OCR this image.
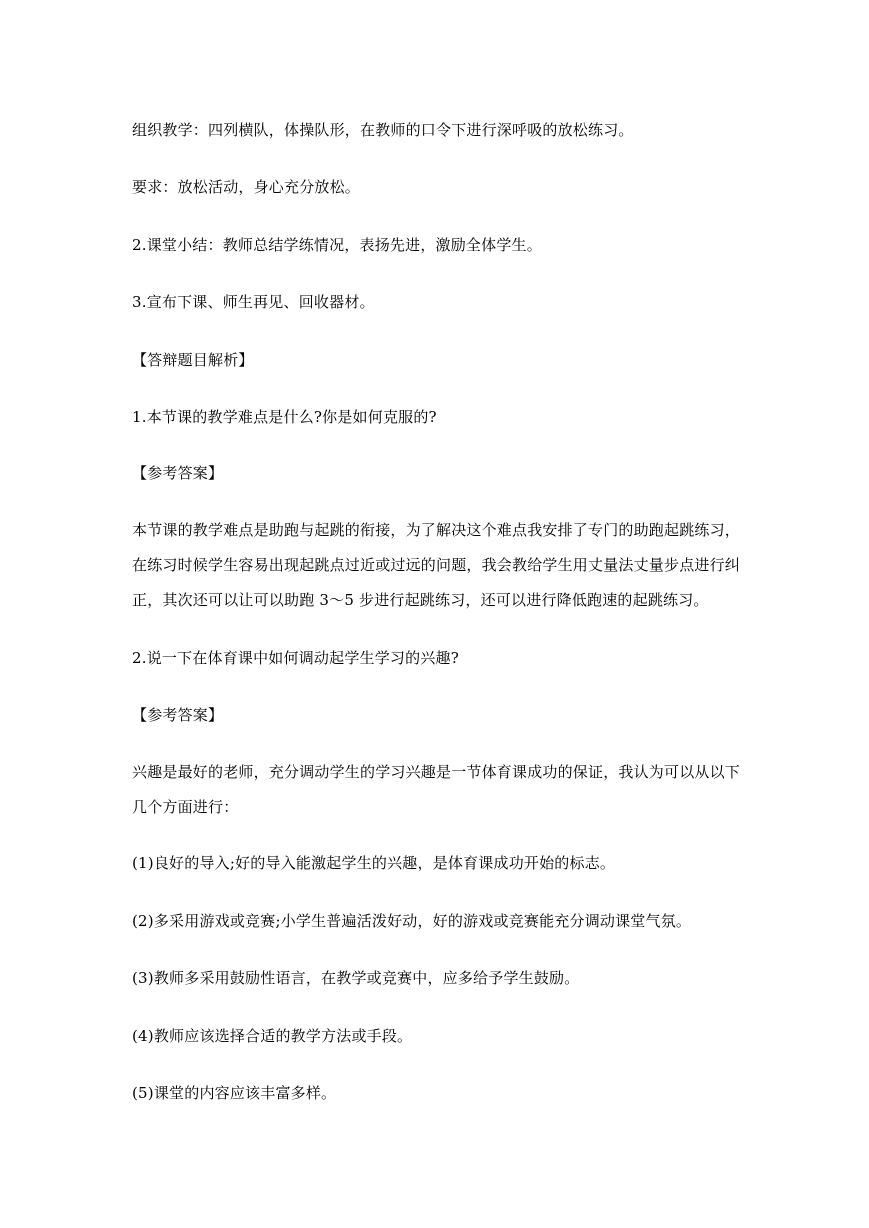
组织教学：四列横队，体操队形，在教师的口令下进行深呼吸的放松练习。
要求：放松活动，身心充分放松。
2.课堂小结：教师总结学练情况，表扬先进，激励全体学生。
3.宣布下课、师生再见、回收器材。
【答辩题目解析】
1.本节课的教学难点是什么?你是如何克服的?
【参考答案】
本节课的教学难点是助跑与起跳的衔接，为了解决这个难点我安排了专门的助跑起跳练习，
在练习时候学生容易出现起跳点过近或过远的问题，我会教给学生用丈量法丈量步点进行纠
正，其次还可以让可以助跑 3～5 步进行起跳练习，还可以进行降低跑速的起跳练习。
2.说一下在体育课中如何调动起学生学习的兴趣?
【参考答案】
兴趣是最好的老师，充分调动学生的学习兴趣是一节体育课成功的保证，我认为可以从以下
几个方面进行：
(1)良好的导入;好的导入能激起学生的兴趣，是体育课成功开始的标志。
(2)多采用游戏或竞赛;小学生普遍活泼好动，好的游戏或竞赛能充分调动课堂气氛。
(3)教师多采用鼓励性语言，在教学或竞赛中，应多给予学生鼓励。
(4)教师应该选择合适的教学方法或手段。
(5)课堂的内容应该丰富多样。
